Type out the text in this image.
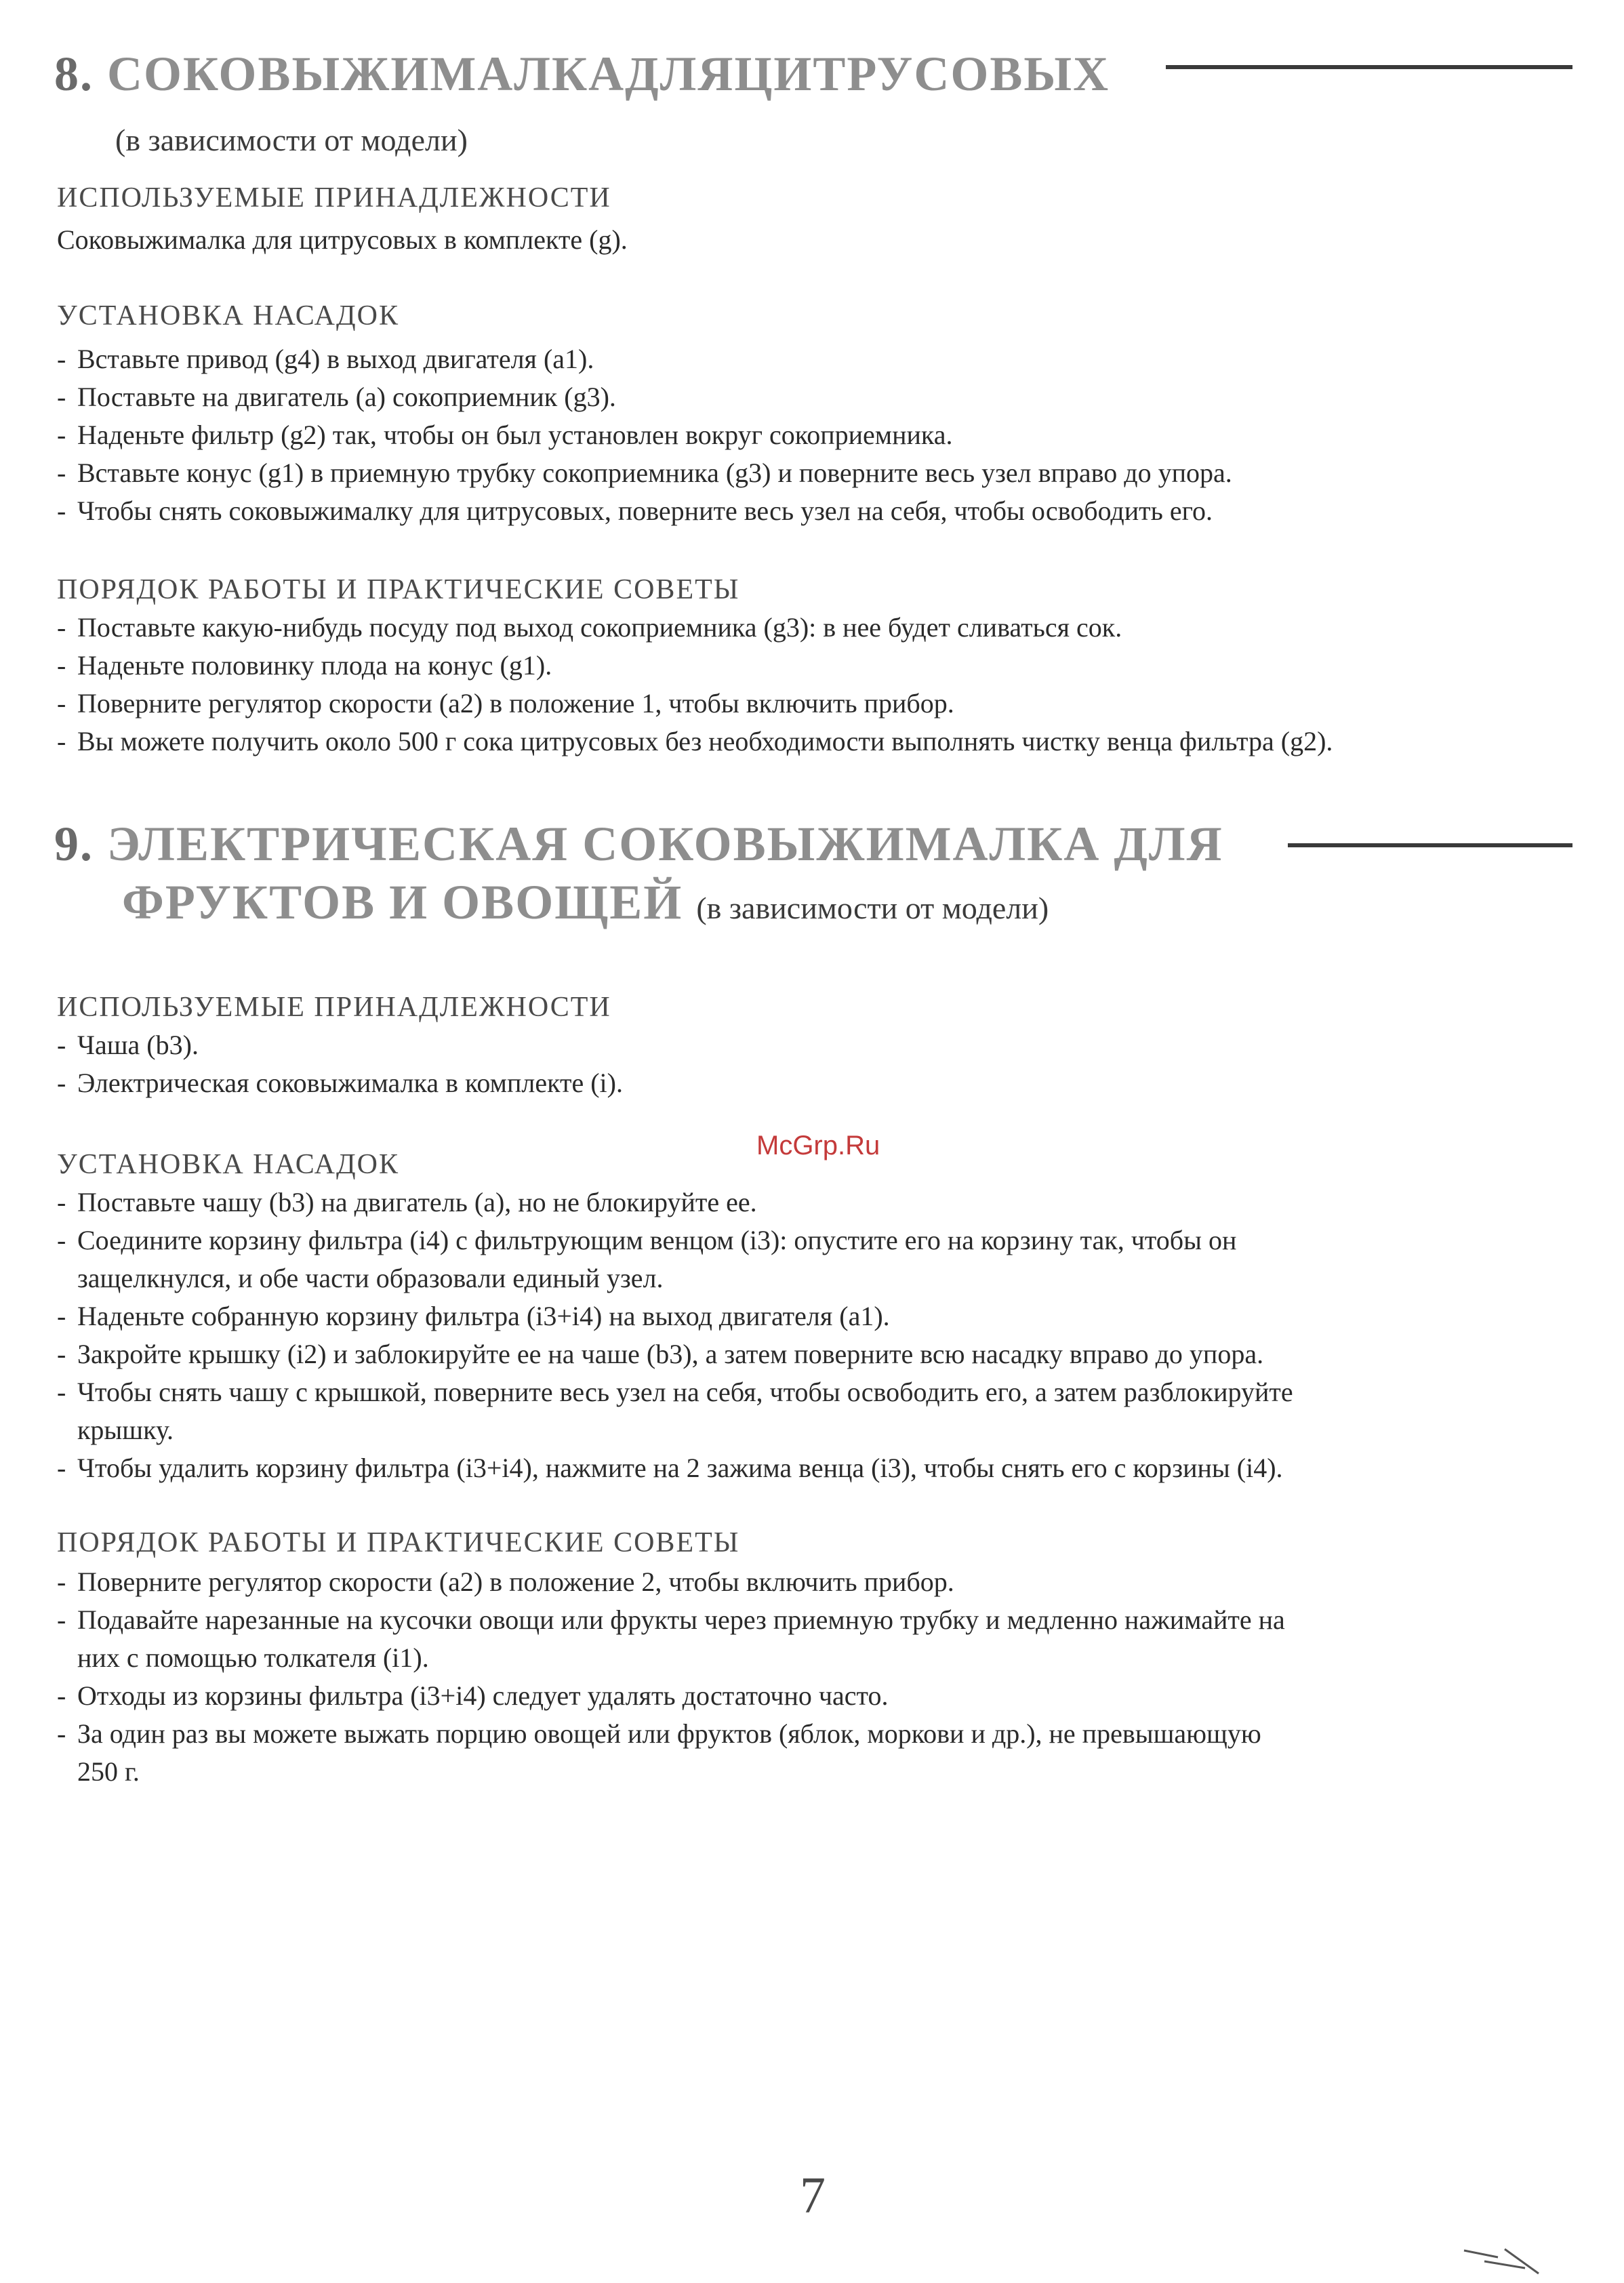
8. СОКОВЫЖИМАЛКАДЛЯЦИТРУСОВЫХ
(в зависимости от модели)
ИСПОЛЬЗУЕМЫЕ ПРИНАДЛЕЖНОСТИ
Соковыжималка для цитрусовых в комплекте (g).
УСТАНОВКА НАСАДОК
- Вставьте привод (g4) в выход двигателя (a1).
- Поставьте на двигатель (a) сокоприемник (g3).
- Наденьте фильтр (g2) так, чтобы он был установлен вокруг сокоприемника.
- Вставьте конус (g1) в приемную трубку сокоприемника (g3) и поверните весь узел вправо до упора.
- Чтобы снять соковыжималку для цитрусовых, поверните весь узел на себя, чтобы освободить его.
ПОРЯДОК РАБОТЫ И ПРАКТИЧЕСКИЕ СОВЕТЫ
- Поставьте какую-нибудь посуду под выход сокоприемника (g3): в нее будет сливаться сок.
- Наденьте половинку плода на конус (g1).
- Поверните регулятор скорости (a2) в положение 1, чтобы включить прибор.
- Вы можете получить около 500 г сока цитрусовых без необходимости выполнять чистку венца фильтра (g2).
9. ЭЛЕКТРИЧЕСКАЯ СОКОВЫЖИМАЛКА ДЛЯ
ФРУКТОВ И ОВОЩЕЙ (в зависимости от модели)
ИСПОЛЬЗУЕМЫЕ ПРИНАДЛЕЖНОСТИ
- Чаша (b3).
- Электрическая соковыжималка в комплекте (i).
УСТАНОВКА НАСАДОК
- Поставьте чашу (b3) на двигатель (a), но не блокируйте ее.
- Соедините корзину фильтра (i4) с фильтрующим венцом (i3): опустите его на корзину так, чтобы он
защелкнулся, и обе части образовали единый узел.
- Наденьте собранную корзину фильтра (i3+i4) на выход двигателя (a1).
- Закройте крышку (i2) и заблокируйте ее на чаше (b3), а затем поверните всю насадку вправо до упора.
- Чтобы снять чашу с крышкой, поверните весь узел на себя, чтобы освободить его, а затем разблокируйте
крышку.
- Чтобы удалить корзину фильтра (i3+i4), нажмите на 2 зажима венца (i3), чтобы снять его с корзины (i4).
ПОРЯДОК РАБОТЫ И ПРАКТИЧЕСКИЕ СОВЕТЫ
- Поверните регулятор скорости (a2) в положение 2, чтобы включить прибор.
- Подавайте нарезанные на кусочки овощи или фрукты через приемную трубку и медленно нажимайте на
них с помощью толкателя (i1).
- Отходы из корзины фильтра (i3+i4) следует удалять достаточно часто.
- За один раз вы можете выжать порцию овощей или фруктов (яблок, моркови и др.), не превышающую
250 г.
McGrp.Ru
7
